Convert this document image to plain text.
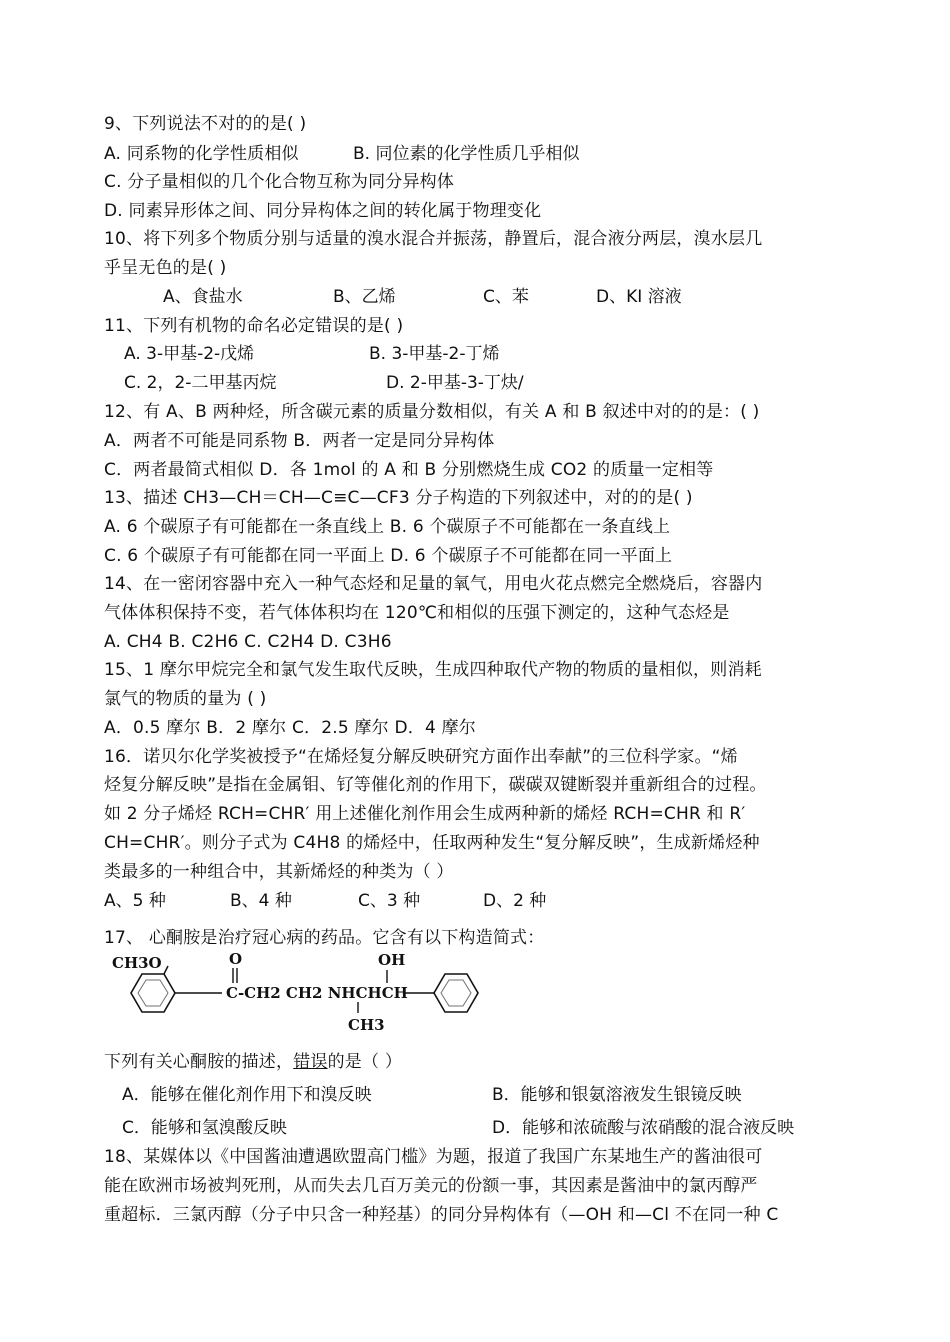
9、下列说法不对的的是( )
A. 同系物的化学性质相似	B. 同位素的化学性质几乎相似
C. 分子量相似的几个化合物互称为同分异构体
D. 同素异形体之间、同分异构体之间的转化属于物理变化
10、将下列多个物质分别与适量的溴水混合并振荡，静置后，混合液分两层，溴水层几
乎呈无色的是( )
A、食盐水	B、乙烯	C、苯	D、KI 溶液
11、下列有机物的命名必定错误的是( )
A. 3-甲基-2-戊烯	B. 3-甲基-2-丁烯
C. 2，2-二甲基丙烷	D. 2-甲基-3-丁炔/
12、有 A、B 两种烃，所含碳元素的质量分数相似，有关 A 和 B 叙述中对的的是：( )
A．两者不可能是同系物 B．两者一定是同分异构体
C．两者最简式相似 D．各 1mol 的 A 和 B 分别燃烧生成 CO2 的质量一定相等
13、描述 CH3—CH＝CH—C≡C—CF3 分子构造的下列叙述中，对的的是( )
A. 6 个碳原子有可能都在一条直线上 B. 6 个碳原子不可能都在一条直线上
C. 6 个碳原子有可能都在同一平面上 D. 6 个碳原子不可能都在同一平面上
14、在一密闭容器中充入一种气态烃和足量的氧气，用电火花点燃完全燃烧后，容器内
气体体积保持不变，若气体体积均在 120℃和相似的压强下测定的，这种气态烃是
A. CH4 B. C2H6 C. C2H4 D. C3H6
15、1 摩尔甲烷完全和氯气发生取代反映，生成四种取代产物的物质的量相似，则消耗
氯气的物质的量为 ( )
A．0.5 摩尔 B．2 摩尔 C．2.5 摩尔 D．4 摩尔
16．诺贝尔化学奖被授予“在烯烃复分解反映研究方面作出奉献”的三位科学家。“烯
烃复分解反映”是指在金属钼、钌等催化剂的作用下，碳碳双键断裂并重新组合的过程。
如 2 分子烯烃 RCH=CHR′ 用上述催化剂作用会生成两种新的烯烃 RCH=CHR 和 R′
CH=CHR′。则分子式为 C4H8 的烯烃中，任取两种发生“复分解反映”，生成新烯烃种
类最多的一种组合中，其新烯烃的种类为（ ）
A、5 种	B、4 种	C、3 种	D、2 种
17、 心酮胺是治疗冠心病的药品。它含有以下构造简式：
CH3O	O
C-CH2 CH2 NHCHCH
OH
CH3
下列有关心酮胺的描述，错误的是（ ）
A．能够在催化剂作用下和溴反映	B．能够和银氨溶液发生银镜反映
C．能够和氢溴酸反映	D．能够和浓硫酸与浓硝酸的混合液反映
18、某媒体以《中国酱油遭遇欧盟高门槛》为题，报道了我国广东某地生产的酱油很可
能在欧洲市场被判死刑，从而失去几百万美元的份额一事，其因素是酱油中的氯丙醇严
重超标．三氯丙醇（分子中只含一种羟基）的同分异构体有（—OH 和—Cl 不在同一种 C
